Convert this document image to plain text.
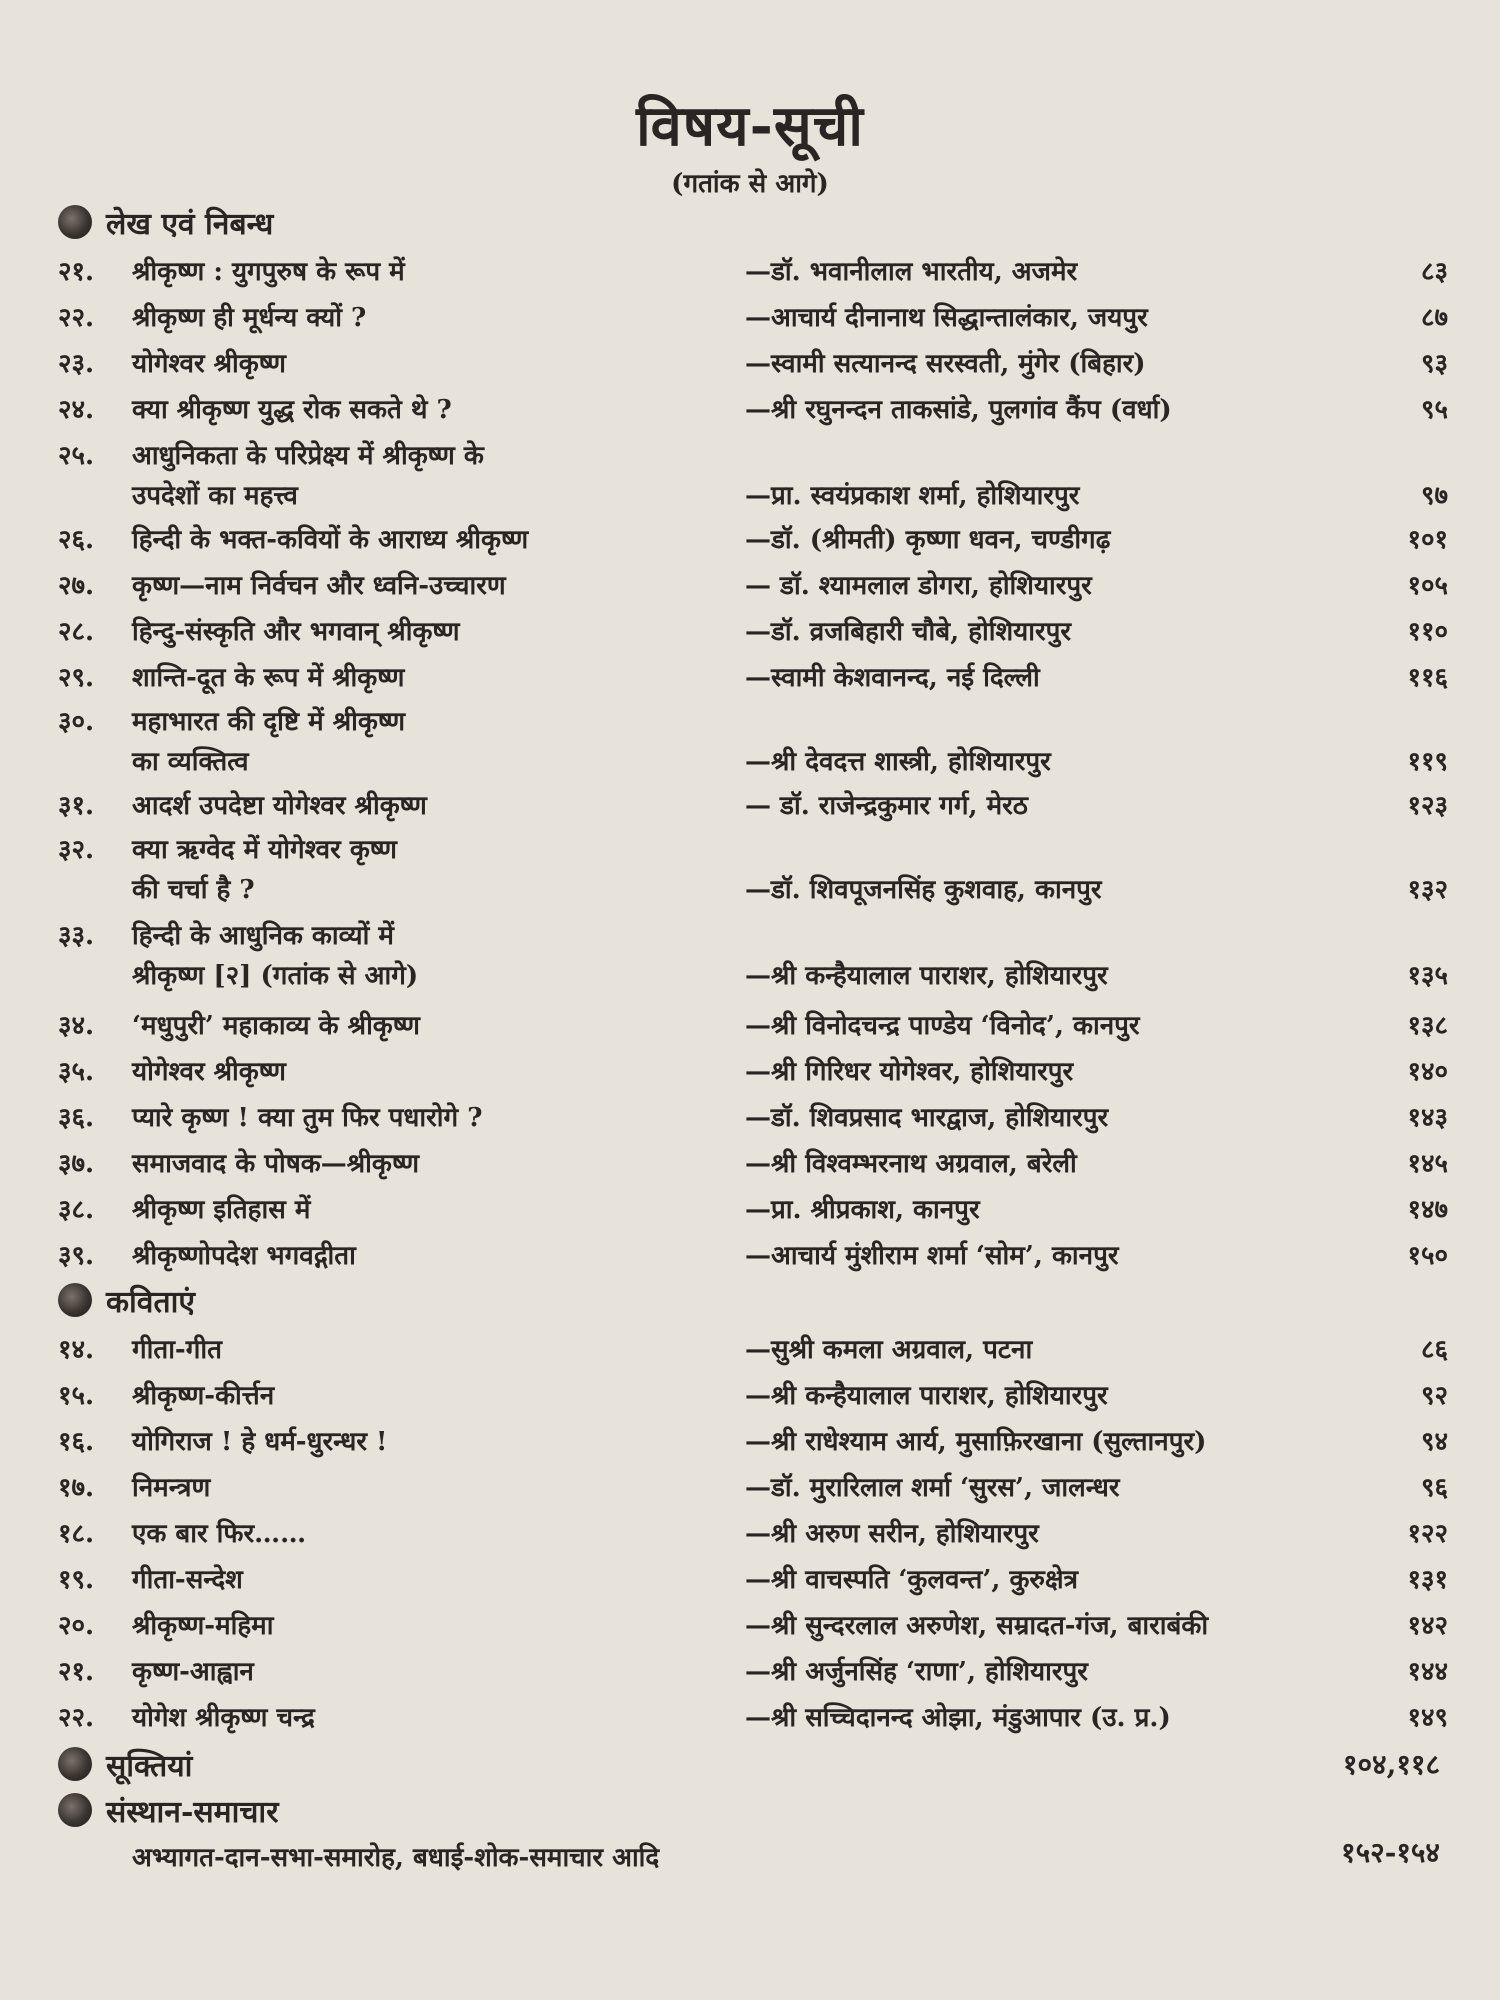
विषय-सूची
(गतांक से आगे)
लेख एवं निबन्ध
२१. श्रीकृष्ण : युगपुरुष के रूप में	—डॉ. भवानीलाल भारतीय, अजमेर	८३
२२. श्रीकृष्ण ही मूर्धन्य क्यों ?	—आचार्य दीनानाथ सिद्धान्तालंकार, जयपुर	८७
२३. योगेश्वर श्रीकृष्ण	—स्वामी सत्यानन्द सरस्वती, मुंगेर (बिहार)	९३
२४. क्या श्रीकृष्ण युद्ध रोक सकते थे ?	—श्री रघुनन्दन ताकसांडे, पुलगांव कैंप (वर्धा)	९५
२५. आधुनिकता के परिप्रेक्ष्य में श्रीकृष्ण के
उपदेशों का महत्त्व	—प्रा. स्वयंप्रकाश शर्मा, होशियारपुर	९७
२६. हिन्दी के भक्त-कवियों के आराध्य श्रीकृष्ण	—डॉ. (श्रीमती) कृष्णा धवन, चण्डीगढ़	१०१
२७. कृष्ण—नाम निर्वचन और ध्वनि-उच्चारण	— डॉ. श्यामलाल डोगरा, होशियारपुर	१०५
२८. हिन्दु-संस्कृति और भगवान् श्रीकृष्ण	—डॉ. व्रजबिहारी चौबे, होशियारपुर	११०
२९. शान्ति-दूत के रूप में श्रीकृष्ण	—स्वामी केशवानन्द, नई दिल्ली	११६
३०. महाभारत की दृष्टि में श्रीकृष्ण
का व्यक्तित्व	—श्री देवदत्त शास्त्री, होशियारपुर	११९
३१. आदर्श उपदेष्टा योगेश्वर श्रीकृष्ण	— डॉ. राजेन्द्रकुमार गर्ग, मेरठ	१२३
३२. क्या ऋग्वेद में योगेश्वर कृष्ण
की चर्चा है ?	—डॉ. शिवपूजनसिंह कुशवाह, कानपुर	१३२
३३. हिन्दी के आधुनिक काव्यों में
श्रीकृष्ण [२] (गतांक से आगे)	—श्री कन्हैयालाल पाराशर, होशियारपुर	१३५
३४. ‘मधुपुरी’ महाकाव्य के श्रीकृष्ण	—श्री विनोदचन्द्र पाण्डेय ‘विनोद’, कानपुर	१३८
३५. योगेश्वर श्रीकृष्ण	—श्री गिरिधर योगेश्वर, होशियारपुर	१४०
३६. प्यारे कृष्ण ! क्या तुम फिर पधारोगे ?	—डॉ. शिवप्रसाद भारद्वाज, होशियारपुर	१४३
३७. समाजवाद के पोषक—श्रीकृष्ण	—श्री विश्वम्भरनाथ अग्रवाल, बरेली	१४५
३८. श्रीकृष्ण इतिहास में	—प्रा. श्रीप्रकाश, कानपुर	१४७
३९. श्रीकृष्णोपदेश भगवद्गीता	—आचार्य मुंशीराम शर्मा ‘सोम’, कानपुर	१५०
कविताएं
१४. गीता-गीत	—सुश्री कमला अग्रवाल, पटना	८६
१५. श्रीकृष्ण-कीर्त्तन	—श्री कन्हैयालाल पाराशर, होशियारपुर	९२
१६. योगिराज ! हे धर्म-धुरन्धर !	—श्री राधेश्याम आर्य, मुसाफ़िरखाना (सुल्तानपुर)	९४
१७. निमन्त्रण	—डॉ. मुरारिलाल शर्मा ‘सुरस’, जालन्धर	९६
१८. एक बार फिर……	—श्री अरुण सरीन, होशियारपुर	१२२
१९. गीता-सन्देश	—श्री वाचस्पति ‘कुलवन्त’, कुरुक्षेत्र	१३१
२०. श्रीकृष्ण-महिमा	—श्री सुन्दरलाल अरुणेश, सम्रादत-गंज, बाराबंकी	१४२
२१. कृष्ण-आह्वान	—श्री अर्जुनसिंह ‘राणा’, होशियारपुर	१४४
२२. योगेश श्रीकृष्ण चन्द्र	—श्री सच्चिदानन्द ओझा, मंडुआपार (उ. प्र.)	१४९
सूक्तियां	१०४,११८
संस्थान-समाचार
अभ्यागत-दान-सभा-समारोह, बधाई-शोक-समाचार आदि	१५२-१५४
